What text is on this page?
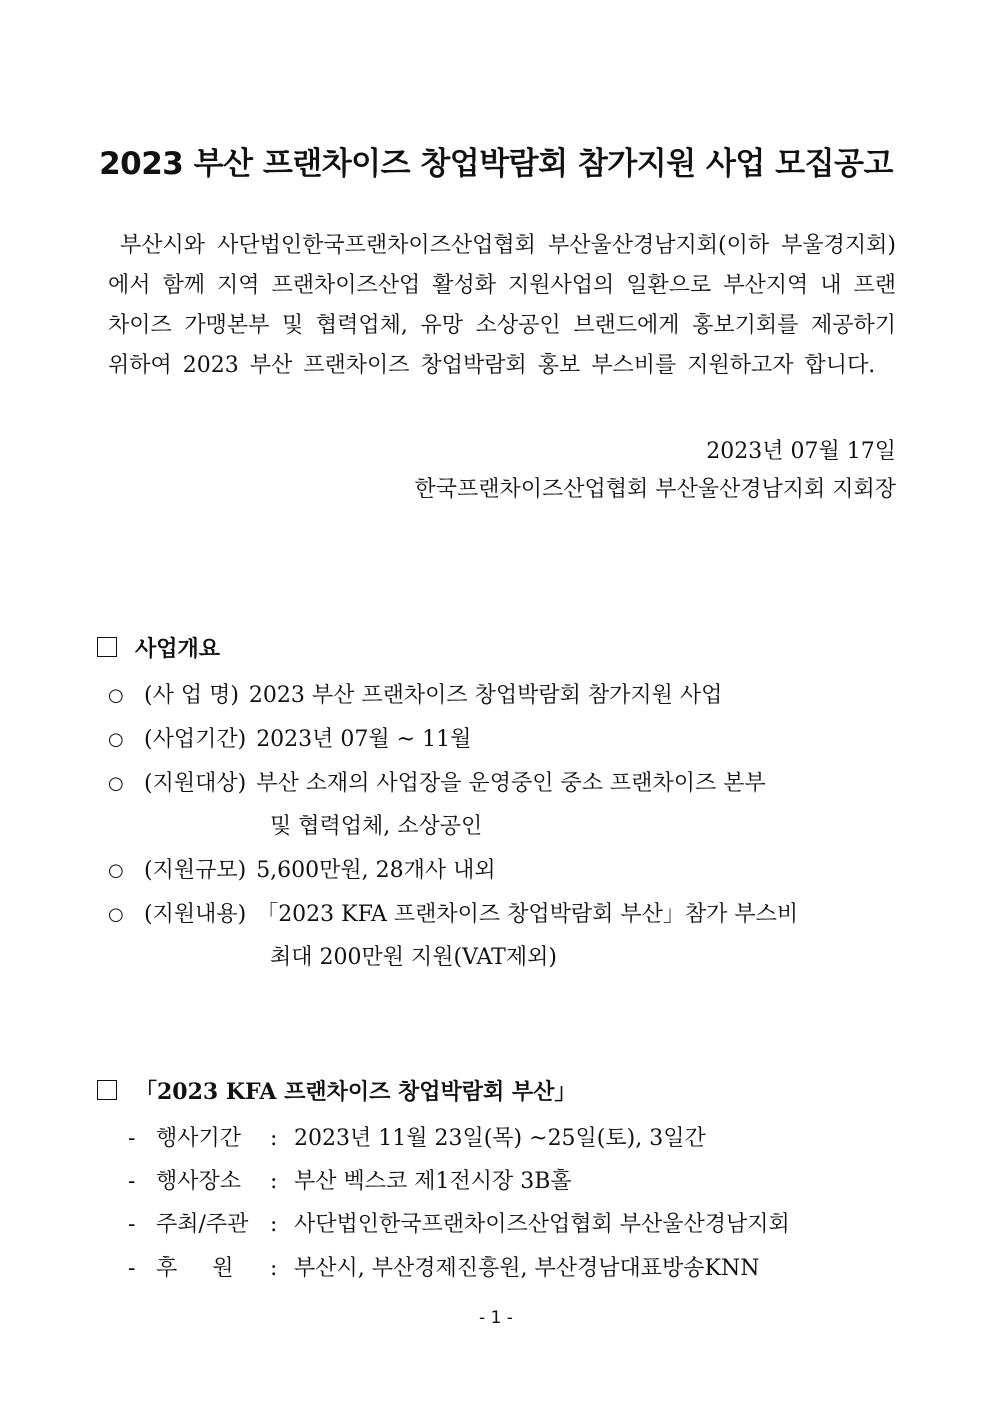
2023 부산 프랜차이즈 창업박람회 참가지원 사업 모집공고

부산시와 사단법인한국프랜차이즈산업협회 부산울산경남지회(이하 부울경지회)에서 함께 지역 프랜차이즈산업 활성화 지원사업의 일환으로 부산지역 내 프랜차이즈 가맹본부 및 협력업체, 유망 소상공인 브랜드에게 홍보기회를 제공하기 위하여 2023 부산 프랜차이즈 창업박람회 홍보 부스비를 지원하고자 합니다.

2023년 07월 17일
한국프랜차이즈산업협회 부산울산경남지회 지회장
사업개요
○ (사 업 명) 2023 부산 프랜차이즈 창업박람회 참가지원 사업
○ (사업기간) 2023년 07월 ~ 11월
○ (지원대상) 부산 소재의 사업장을 운영중인 중소 프랜차이즈 본부
및 협력업체, 소상공인
○ (지원규모) 5,600만원, 28개사 내외
○ (지원내용) 「2023 KFA 프랜차이즈 창업박람회 부산」참가 부스비
최대 200만원 지원(VAT제외)
「2023 KFA 프랜차이즈 창업박람회 부산」
- 행사기간	: 2023년 11월 23일(목) ~25일(토), 3일간
- 행사장소	: 부산 벡스코 제1전시장 3B홀
- 주최/주관 : 사단법인한국프랜차이즈산업협회 부산울산경남지회
- 후     원	: 부산시, 부산경제진흥원, 부산경남대표방송KNN
- 1 -
